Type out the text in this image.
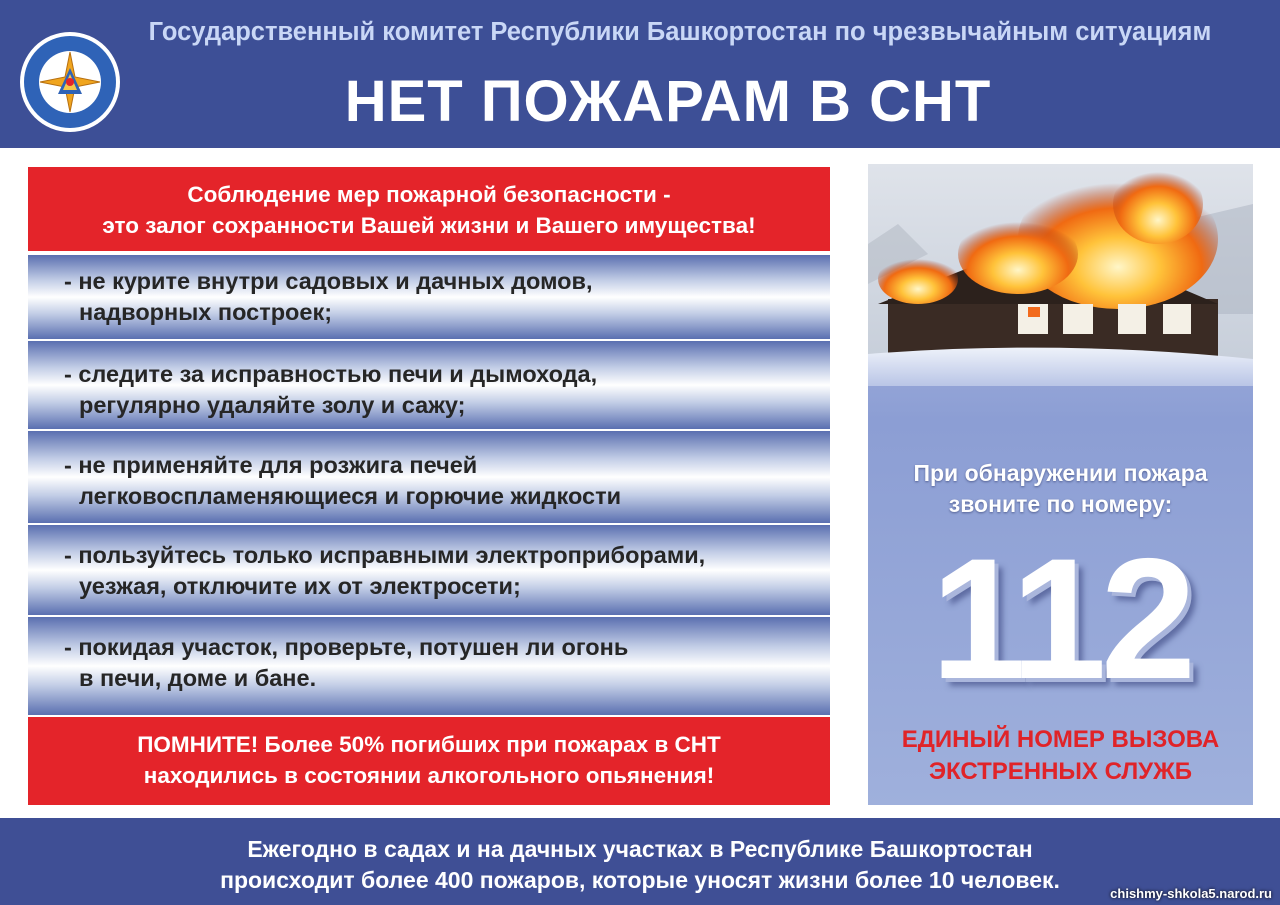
Государственный комитет Республики Башкортостан по чрезвычайным ситуациям
НЕТ ПОЖАРАМ В СНТ
Соблюдение мер пожарной безопасности -
это залог сохранности Вашей жизни и Вашего имущества!
- не курите внутри садовых и дачных домов,
надворных построек;
- следите за исправностью печи и дымохода,
регулярно удаляйте золу и сажу;
- не применяйте для розжига печей
легковоспламеняющиеся и горючие жидкости
- пользуйтесь только исправными электроприборами,
уезжая, отключите их от электросети;
- покидая участок, проверьте, потушен ли огонь
в печи, доме и бане.
ПОМНИТЕ! Более 50% погибших при пожарах в СНТ
находились в состоянии алкогольного опьянения!
При обнаружении пожара
звоните по номеру:
112
ЕДИНЫЙ НОМЕР ВЫЗОВА
ЭКСТРЕННЫХ СЛУЖБ
Ежегодно в садах и на дачных участках в Республике Башкортостан
происходит более 400 пожаров, которые уносят жизни более 10 человек.
chishmy-shkola5.narod.ru
